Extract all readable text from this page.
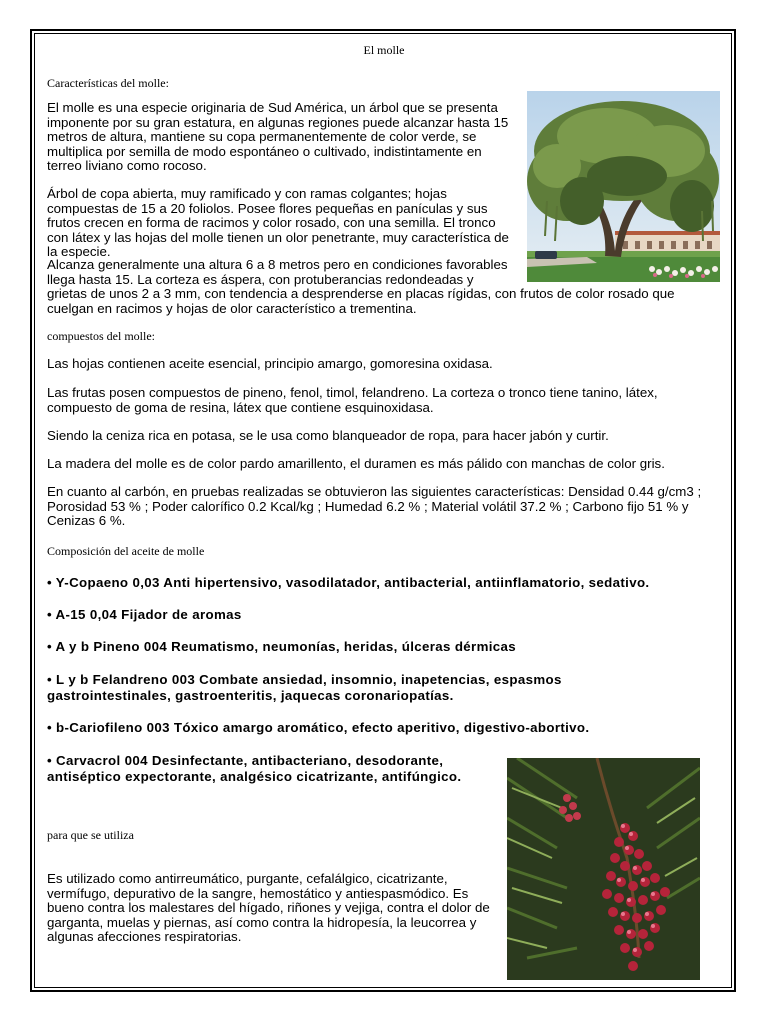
El molle
Características del molle:

El molle es una especie originaria de Sud América, un árbol que se presenta imponente por su gran estatura, en algunas regiones puede alcanzar hasta 15 metros de altura, mantiene su copa permanentemente de color verde, se multiplica por semilla de modo espontáneo o cultivado, indistintamente en terreo liviano como rocoso.

Árbol de copa abierta, muy ramificado y con ramas colgantes; hojas compuestas de 15 a 20 foliolos. Posee flores pequeñas en panículas y sus frutos crecen en forma de racimos y color rosado, con una semilla. El tronco con látex y las hojas del molle tienen un olor penetrante, muy característica de la especie.

Alcanza generalmente una altura 6 a 8 metros pero en condiciones favorables llega hasta 15. La corteza es áspera, con protuberancias redondeadas y grietas de unos 2 a 3 mm, con tendencia a desprenderse en placas rígidas, con frutos de color rosado que cuelgan en racimos y hojas de olor característico a trementina.

compuestos del molle:

Las hojas contienen aceite esencial, principio amargo, gomoresina oxidasa.

Las frutas posen compuestos de pineno, fenol, timol, felandreno. La corteza o tronco tiene tanino, látex, compuesto de goma de resina, látex que contiene esquinoxidasa.

Siendo la ceniza rica en potasa, se le usa como blanqueador de ropa, para hacer jabón y curtir.

La madera del molle es de color pardo amarillento, el duramen es más pálido con manchas de color gris.

En cuanto al carbón, en pruebas realizadas se obtuvieron las siguientes características: Densidad 0.44 g/cm3 ; Porosidad 53 % ; Poder calorífico 0.2 Kcal/kg ; Humedad 6.2 % ; Material volátil 37.2 % ; Carbono fijo 51 % y Cenizas 6 %.

Composición del aceite de molle
• Y-Copaeno 0,03 Anti hipertensivo, vasodilatador, antibacterial, antiinflamatorio, sedativo.
• A-15 0,04 Fijador de aromas
• A y b Pineno 004 Reumatismo, neumonías, heridas, úlceras dérmicas
• L y b Felandreno 003 Combate ansiedad, insomnio, inapetencias, espasmos gastrointestinales, gastroenteritis, jaquecas coronariopatías.
• b-Cariofileno 003 Tóxico amargo aromático, efecto aperitivo, digestivo-abortivo.
• Carvacrol 004 Desinfectante, antibacteriano, desodorante, antiséptico expectorante, analgésico cicatrizante, antifúngico.
para que se utiliza

Es utilizado como antirreumático, purgante, cefalálgico, cicatrizante, vermífugo, depurativo de la sangre, hemostático y antiespasmódico. Es bueno contra los malestares del hígado, riñones y vejiga, contra el dolor de garganta, muelas y piernas, así como contra la hidropesía, la leucorrea y algunas afecciones respiratorias.
